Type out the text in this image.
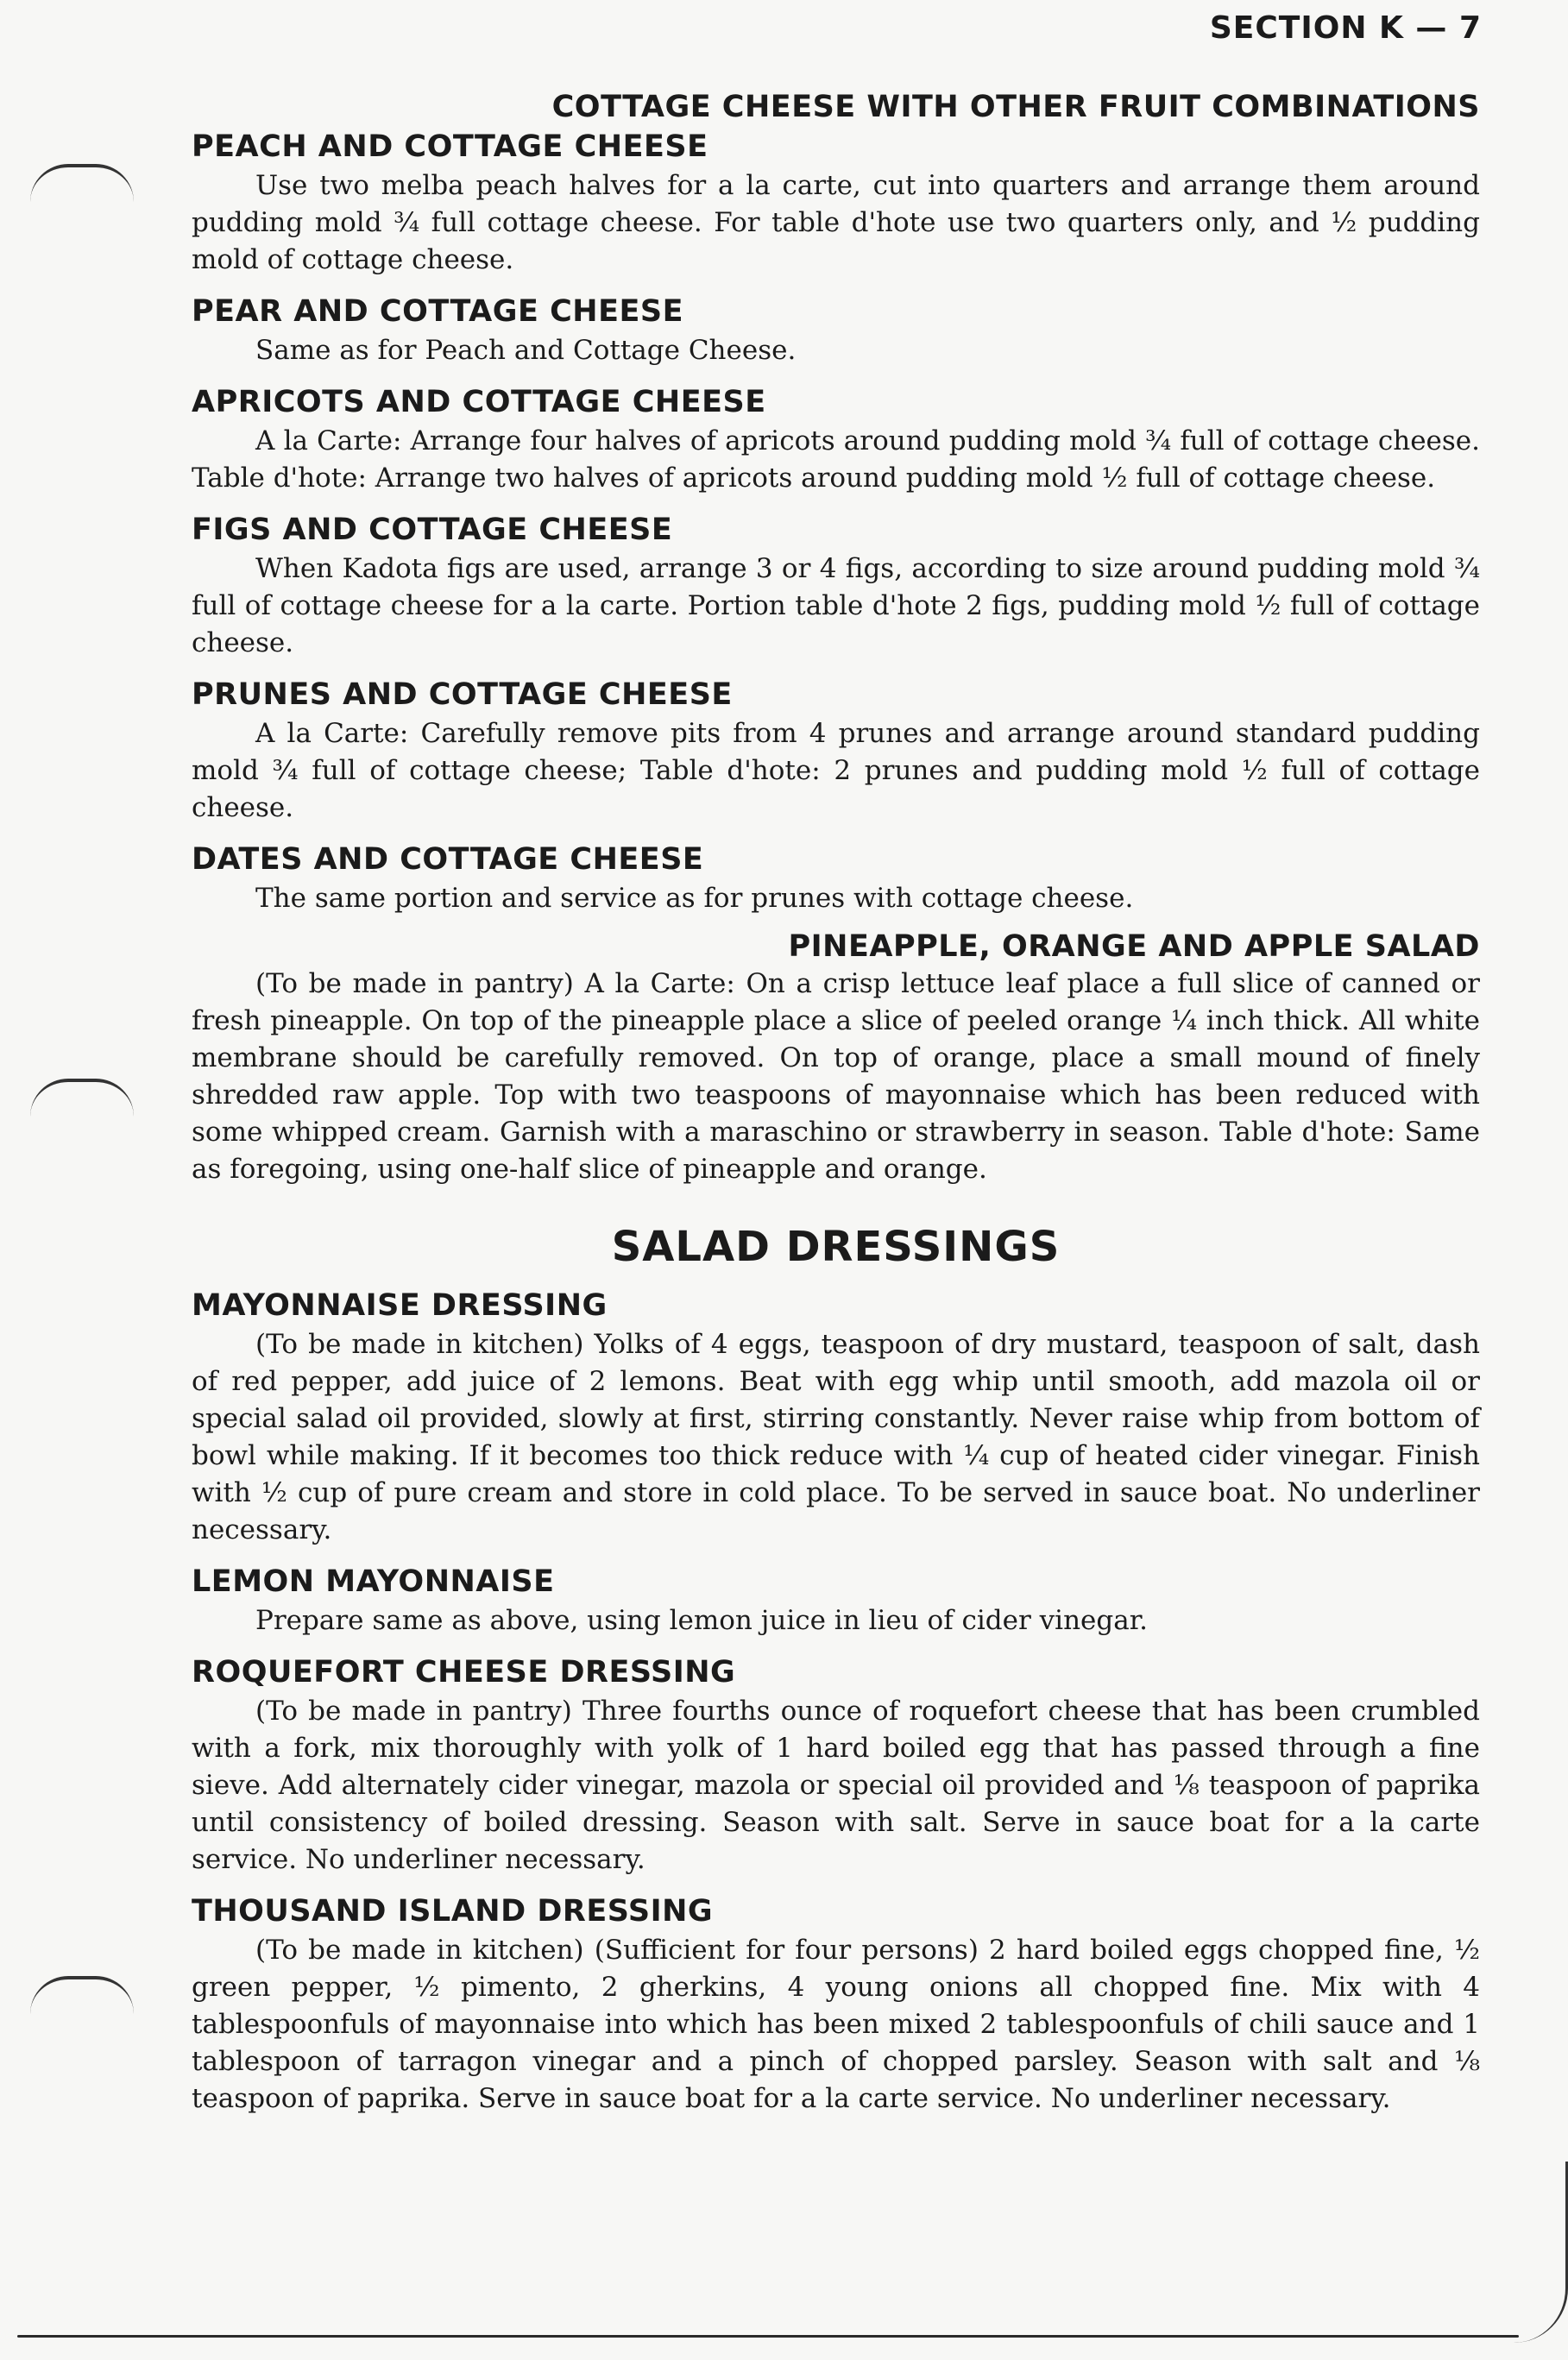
SECTION K — 7
COTTAGE CHEESE WITH OTHER FRUIT COMBINATIONS
PEACH AND COTTAGE CHEESE

Use two melba peach halves for a la carte, cut into quarters and arrange them around pudding mold ¾ full cottage cheese. For table d'hote use two quarters only, and ½ pudding mold of cottage cheese.

PEAR AND COTTAGE CHEESE

Same as for Peach and Cottage Cheese.

APRICOTS AND COTTAGE CHEESE

A la Carte: Arrange four halves of apricots around pudding mold ¾ full of cottage cheese. Table d'hote: Arrange two halves of apricots around pudding mold ½ full of cottage cheese.

FIGS AND COTTAGE CHEESE

When Kadota figs are used, arrange 3 or 4 figs, according to size around pudding mold ¾ full of cottage cheese for a la carte. Portion table d'hote 2 figs, pudding mold ½ full of cottage cheese.

PRUNES AND COTTAGE CHEESE

A la Carte: Carefully remove pits from 4 prunes and arrange around standard pudding mold ¾ full of cottage cheese; Table d'hote: 2 prunes and pudding mold ½ full of cottage cheese.

DATES AND COTTAGE CHEESE

The same portion and service as for prunes with cottage cheese.

PINEAPPLE, ORANGE AND APPLE SALAD

(To be made in pantry) A la Carte: On a crisp lettuce leaf place a full slice of canned or fresh pineapple. On top of the pineapple place a slice of peeled orange ¼ inch thick. All white membrane should be carefully removed. On top of orange, place a small mound of finely shredded raw apple. Top with two teaspoons of mayonnaise which has been reduced with some whipped cream. Garnish with a maraschino or strawberry in season. Table d'hote: Same as foregoing, using one-half slice of pineapple and orange.

SALAD DRESSINGS
MAYONNAISE DRESSING

(To be made in kitchen) Yolks of 4 eggs, teaspoon of dry mustard, teaspoon of salt, dash of red pepper, add juice of 2 lemons. Beat with egg whip until smooth, add mazola oil or special salad oil provided, slowly at first, stirring constantly. Never raise whip from bottom of bowl while making. If it becomes too thick reduce with ¼ cup of heated cider vinegar. Finish with ½ cup of pure cream and store in cold place. To be served in sauce boat. No underliner necessary.

LEMON MAYONNAISE

Prepare same as above, using lemon juice in lieu of cider vinegar.

ROQUEFORT CHEESE DRESSING

(To be made in pantry) Three fourths ounce of roquefort cheese that has been crumbled with a fork, mix thoroughly with yolk of 1 hard boiled egg that has passed through a fine sieve. Add alternately cider vinegar, mazola or special oil provided and ⅛ teaspoon of paprika until consistency of boiled dressing. Season with salt. Serve in sauce boat for a la carte service. No underliner necessary.

THOUSAND ISLAND DRESSING

(To be made in kitchen) (Sufficient for four persons) 2 hard boiled eggs chopped fine, ½ green pepper, ½ pimento, 2 gherkins, 4 young onions all chopped fine. Mix with 4 tablespoonfuls of mayonnaise into which has been mixed 2 tablespoonfuls of chili sauce and 1 tablespoon of tarragon vinegar and a pinch of chopped parsley. Season with salt and ⅛ teaspoon of paprika. Serve in sauce boat for a la carte service. No underliner necessary.
